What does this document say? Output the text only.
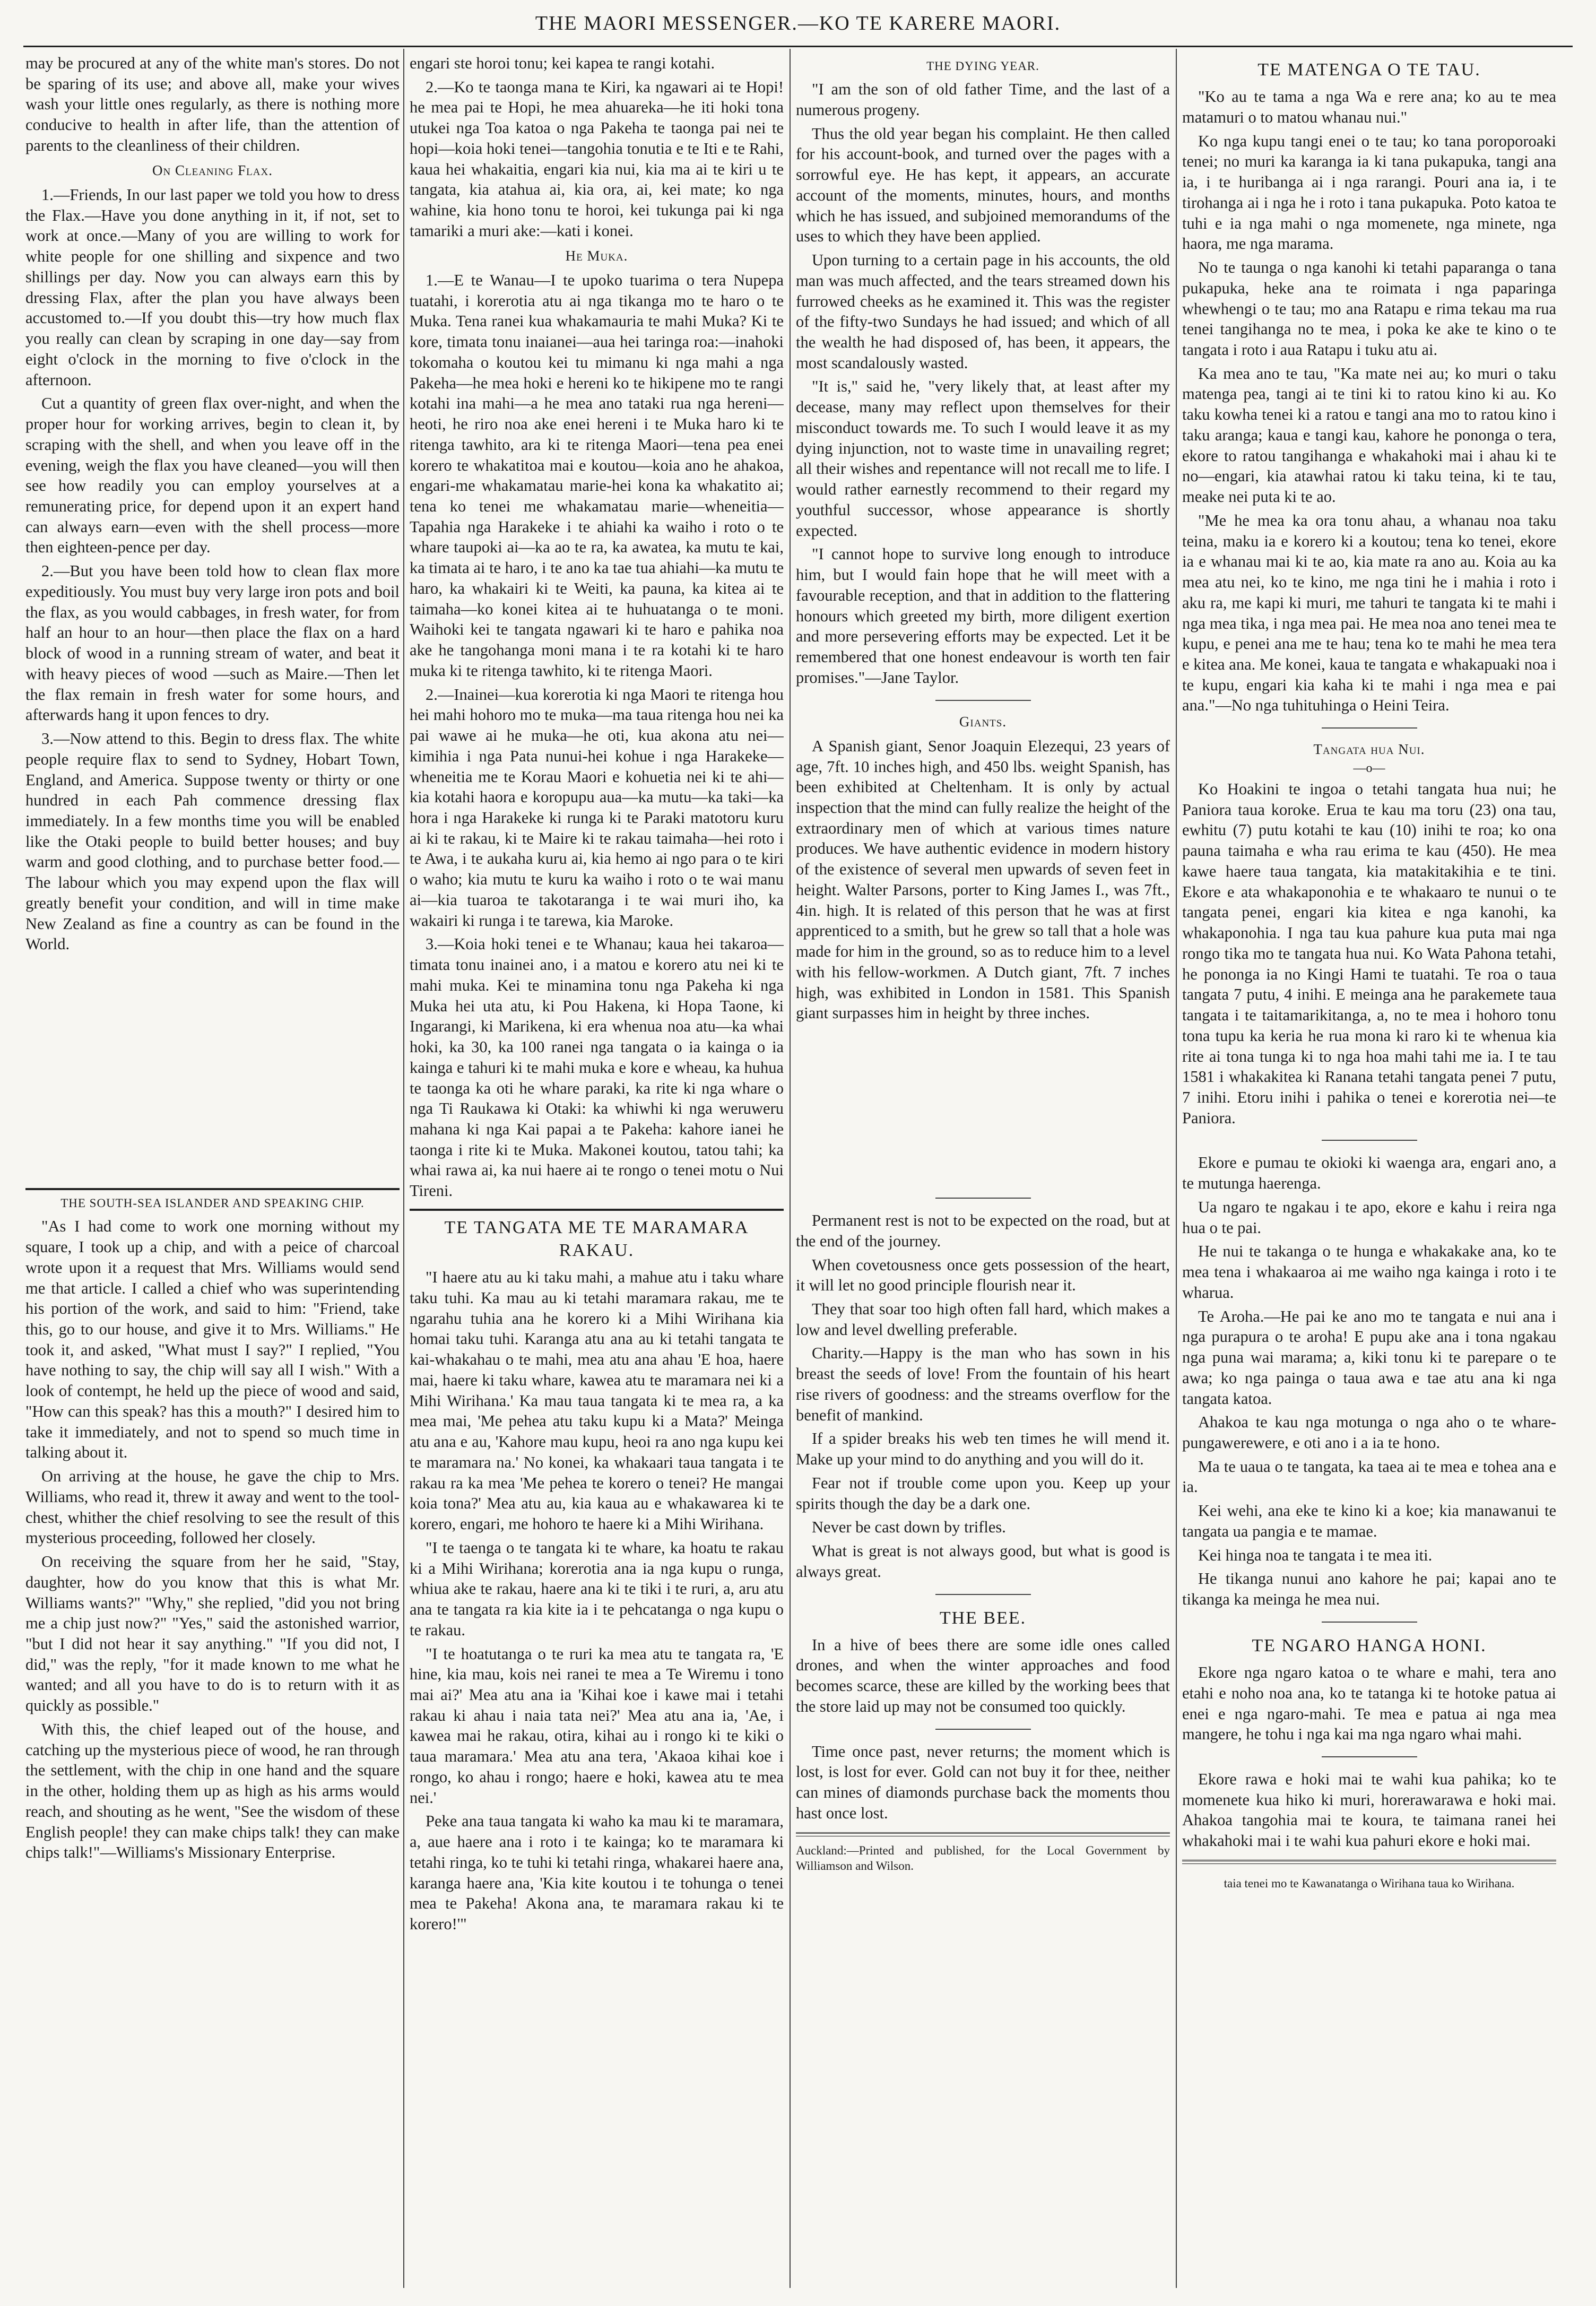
THE MAORI MESSENGER.—KO TE KARERE MAORI.

may be procured at any of the white man's stores. Do not be sparing of its use; and above all, make your wives wash your little ones regularly, as there is nothing more conducive to health in after life, than the attention of parents to the cleanliness of their children.

On Cleaning Flax.

1.—Friends, In our last paper we told you how to dress the Flax.—Have you done anything in it, if not, set to work at once.—Many of you are willing to work for white people for one shilling and sixpence and two shillings per day. Now you can always earn this by dressing Flax, after the plan you have always been accustomed to.—If you doubt this—try how much flax you really can clean by scraping in one day—say from eight o'clock in the morning to five o'clock in the afternoon.

Cut a quantity of green flax over-night, and when the proper hour for working arrives, begin to clean it, by scraping with the shell, and when you leave off in the evening, weigh the flax you have cleaned—you will then see how readily you can employ yourselves at a remunerating price, for depend upon it an expert hand can always earn—even with the shell process—more then eighteen-pence per day.

2.—But you have been told how to clean flax more expeditiously. You must buy very large iron pots and boil the flax, as you would cabbages, in fresh water, for from half an hour to an hour—then place the flax on a hard block of wood in a running stream of water, and beat it with heavy pieces of wood —such as Maire.—Then let the flax remain in fresh water for some hours, and afterwards hang it upon fences to dry.

3.—Now attend to this. Begin to dress flax. The white people require flax to send to Sydney, Hobart Town, England, and America. Suppose twenty or thirty or one hundred in each Pah commence dressing flax immediately. In a few months time you will be enabled like the Otaki people to build better houses; and buy warm and good clothing, and to purchase better food.—The labour which you may expend upon the flax will greatly benefit your condition, and will in time make New Zealand as fine a country as can be found in the World.

THE SOUTH-SEA ISLANDER AND SPEAKING CHIP.

"As I had come to work one morning without my square, I took up a chip, and with a peice of charcoal wrote upon it a request that Mrs. Williams would send me that article. I called a chief who was superintending his portion of the work, and said to him: "Friend, take this, go to our house, and give it to Mrs. Williams." He took it, and asked, "What must I say?" I replied, "You have nothing to say, the chip will say all I wish." With a look of contempt, he held up the piece of wood and said, "How can this speak? has this a mouth?" I desired him to take it immediately, and not to spend so much time in talking about it.

On arriving at the house, he gave the chip to Mrs. Williams, who read it, threw it away and went to the tool-chest, whither the chief resolving to see the result of this mysterious proceeding, followed her closely.

On receiving the square from her he said, "Stay, daughter, how do you know that this is what Mr. Williams wants?" "Why," she replied, "did you not bring me a chip just now?" "Yes," said the astonished warrior, "but I did not hear it say anything." "If you did not, I did," was the reply, "for it made known to me what he wanted; and all you have to do is to return with it as quickly as possible."

With this, the chief leaped out of the house, and catching up the mysterious piece of wood, he ran through the settlement, with the chip in one hand and the square in the other, holding them up as high as his arms would reach, and shouting as he went, "See the wisdom of these English people! they can make chips talk! they can make chips talk!"—Williams's Missionary Enterprise.

engari ste horoi tonu; kei kapea te rangi kotahi.

2.—Ko te taonga mana te Kiri, ka ngawari ai te Hopi! he mea pai te Hopi, he mea ahuareka—he iti hoki tona utukei nga Toa katoa o nga Pakeha te taonga pai nei te hopi—koia hoki tenei—tangohia tonutia e te Iti e te Rahi, kaua hei whakaitia, engari kia nui, kia ma ai te kiri u te tangata, kia atahua ai, kia ora, ai, kei mate; ko nga wahine, kia hono tonu te horoi, kei tukunga pai ki nga tamariki a muri ake:—kati i konei.

He Muka.

1.—E te Wanau—I te upoko tuarima o tera Nupepa tuatahi, i korerotia atu ai nga tikanga mo te haro o te Muka. Tena ranei kua whakamauria te mahi Muka? Ki te kore, timata tonu inaianei—aua hei taringa roa:—inahoki tokomaha o koutou kei tu mimanu ki nga mahi a nga Pakeha—he mea hoki e hereni ko te hikipene mo te rangi kotahi ina mahi—a he mea ano tataki rua nga hereni—heoti, he riro noa ake enei hereni i te Muka haro ki te ritenga tawhito, ara ki te ritenga Maori—tena pea enei korero te whakatitoa mai e koutou—koia ano he ahakoa, engari-me whakamatau marie-hei kona ka whakatito ai; tena ko tenei me whakamatau marie—wheneitia—Tapahia nga Harakeke i te ahiahi ka waiho i roto o te whare taupoki ai—ka ao te ra, ka awatea, ka mutu te kai, ka timata ai te haro, i te ano ka tae tua ahiahi—ka mutu te haro, ka whakairi ki te Weiti, ka pauna, ka kitea ai te taimaha—ko konei kitea ai te huhuatanga o te moni. Waihoki kei te tangata ngawari ki te haro e pahika noa ake he tangohanga moni mana i te ra kotahi ki te haro muka ki te ritenga tawhito, ki te ritenga Maori.

2.—Inainei—kua korerotia ki nga Maori te ritenga hou hei mahi hohoro mo te muka—ma taua ritenga hou nei ka pai wawe ai he muka—he oti, kua akona atu nei—kimihia i nga Pata nunui-hei kohue i nga Harakeke—wheneitia me te Korau Maori e kohuetia nei ki te ahi—kia kotahi haora e koropupu aua—ka mutu—ka taki—ka hora i nga Harakeke ki runga ki te Paraki matotoru kuru ai ki te rakau, ki te Maire ki te rakau taimaha—hei roto i te Awa, i te aukaha kuru ai, kia hemo ai ngo para o te kiri o waho; kia mutu te kuru ka waiho i roto o te wai manu ai—kia tuaroa te takotaranga i te wai muri iho, ka wakairi ki runga i te tarewa, kia Maroke.

3.—Koia hoki tenei e te Whanau; kaua hei takaroa—timata tonu inainei ano, i a matou e korero atu nei ki te mahi muka. Kei te minamina tonu nga Pakeha ki nga Muka hei uta atu, ki Pou Hakena, ki Hopa Taone, ki Ingarangi, ki Marikena, ki era whenua noa atu—ka whai hoki, ka 30, ka 100 ranei nga tangata o ia kainga o ia kainga e tahuri ki te mahi muka e kore e wheau, ka huhua te taonga ka oti he whare paraki, ka rite ki nga whare o nga Ti Raukawa ki Otaki: ka whiwhi ki nga weruweru mahana ki nga Kai papai a te Pakeha: kahore ianei he taonga i rite ki te Muka. Makonei koutou, tatou tahi; ka whai rawa ai, ka nui haere ai te rongo o tenei motu o Nui Tireni.

TE TANGATA ME TE MARAMARA RAKAU.

"I haere atu au ki taku mahi, a mahue atu i taku whare taku tuhi. Ka mau au ki tetahi maramara rakau, me te ngarahu tuhia ana he korero ki a Mihi Wirihana kia homai taku tuhi. Karanga atu ana au ki tetahi tangata te kai-whakahau o te mahi, mea atu ana ahau 'E hoa, haere mai, haere ki taku whare, kawea atu te maramara nei ki a Mihi Wirihana.' Ka mau taua tangata ki te mea ra, a ka mea mai, 'Me pehea atu taku kupu ki a Mata?' Meinga atu ana e au, 'Kahore mau kupu, heoi ra ano nga kupu kei te maramara na.' No konei, ka whakaari taua tangata i te rakau ra ka mea 'Me pehea te korero o tenei? He mangai koia tona?' Mea atu au, kia kaua au e whakawarea ki te korero, engari, me hohoro te haere ki a Mihi Wirihana.

"I te taenga o te tangata ki te whare, ka hoatu te rakau ki a Mihi Wirihana; korerotia ana ia nga kupu o runga, whiua ake te rakau, haere ana ki te tiki i te ruri, a, aru atu ana te tangata ra kia kite ia i te pehcatanga o nga kupu o te rakau.

"I te hoatutanga o te ruri ka mea atu te tangata ra, 'E hine, kia mau, kois nei ranei te mea a Te Wiremu i tono mai ai?' Mea atu ana ia 'Kihai koe i kawe mai i tetahi rakau ki ahau i naia tata nei?' Mea atu ana ia, 'Ae, i kawea mai he rakau, otira, kihai au i rongo ki te kiki o taua maramara.' Mea atu ana tera, 'Akaoa kihai koe i rongo, ko ahau i rongo; haere e hoki, kawea atu te mea nei.'

Peke ana taua tangata ki waho ka mau ki te maramara, a, aue haere ana i roto i te kainga; ko te maramara ki tetahi ringa, ko te tuhi ki tetahi ringa, whakarei haere ana, karanga haere ana, 'Kia kite koutou i te tohunga o tenei mea te Pakeha! Akona ana, te maramara rakau ki te korero!'"

THE DYING YEAR.

"I am the son of old father Time, and the last of a numerous progeny.

Thus the old year began his complaint. He then called for his account-book, and turned over the pages with a sorrowful eye. He has kept, it appears, an accurate account of the moments, minutes, hours, and months which he has issued, and subjoined memorandums of the uses to which they have been applied.

Upon turning to a certain page in his accounts, the old man was much affected, and the tears streamed down his furrowed cheeks as he examined it. This was the register of the fifty-two Sundays he had issued; and which of all the wealth he had disposed of, has been, it appears, the most scandalously wasted.

"It is," said he, "very likely that, at least after my decease, many may reflect upon themselves for their misconduct towards me. To such I would leave it as my dying injunction, not to waste time in unavailing regret; all their wishes and repentance will not recall me to life. I would rather earnestly recommend to their regard my youthful successor, whose appearance is shortly expected.

"I cannot hope to survive long enough to introduce him, but I would fain hope that he will meet with a favourable reception, and that in addition to the flattering honours which greeted my birth, more diligent exertion and more persevering efforts may be expected. Let it be remembered that one honest endeavour is worth ten fair promises."—Jane Taylor.

Giants.

A Spanish giant, Senor Joaquin Elezequi, 23 years of age, 7ft. 10 inches high, and 450 lbs. weight Spanish, has been exhibited at Cheltenham. It is only by actual inspection that the mind can fully realize the height of the extraordinary men of which at various times nature produces. We have authentic evidence in modern history of the existence of several men upwards of seven feet in height. Walter Parsons, porter to King James I., was 7ft., 4in. high. It is related of this person that he was at first apprenticed to a smith, but he grew so tall that a hole was made for him in the ground, so as to reduce him to a level with his fellow-workmen. A Dutch giant, 7ft. 7 inches high, was exhibited in London in 1581. This Spanish giant surpasses him in height by three inches.

Permanent rest is not to be expected on the road, but at the end of the journey.

When covetousness once gets possession of the heart, it will let no good principle flourish near it.

They that soar too high often fall hard, which makes a low and level dwelling preferable.

Charity.—Happy is the man who has sown in his breast the seeds of love! From the fountain of his heart rise rivers of goodness: and the streams overflow for the benefit of mankind.

If a spider breaks his web ten times he will mend it. Make up your mind to do anything and you will do it.

Fear not if trouble come upon you. Keep up your spirits though the day be a dark one.

Never be cast down by trifles.

What is great is not always good, but what is good is always great.

THE BEE.

In a hive of bees there are some idle ones called drones, and when the winter approaches and food becomes scarce, these are killed by the working bees that the store laid up may not be consumed too quickly.

Time once past, never returns; the moment which is lost, is lost for ever. Gold can not buy it for thee, neither can mines of diamonds purchase back the moments thou hast once lost.

Auckland:—Printed and published, for the Local Government by Williamson and Wilson.
TE MATENGA O TE TAU.

"Ko au te tama a nga Wa e rere ana; ko au te mea matamuri o to matou whanau nui."

Ko nga kupu tangi enei o te tau; ko tana poroporoaki tenei; no muri ka karanga ia ki tana pukapuka, tangi ana ia, i te huribanga ai i nga rarangi. Pouri ana ia, i te tirohanga ai i nga he i roto i tana pukapuka. Poto katoa te tuhi e ia nga mahi o nga momenete, nga minete, nga haora, me nga marama.

No te taunga o nga kanohi ki tetahi paparanga o tana pukapuka, heke ana te roimata i nga paparinga whewhengi o te tau; mo ana Ratapu e rima tekau ma rua tenei tangihanga no te mea, i poka ke ake te kino o te tangata i roto i aua Ratapu i tuku atu ai.

Ka mea ano te tau, "Ka mate nei au; ko muri o taku matenga pea, tangi ai te tini ki to ratou kino ki au. Ko taku kowha tenei ki a ratou e tangi ana mo to ratou kino i taku aranga; kaua e tangi kau, kahore he pononga o tera, ekore to ratou tangihanga e whakahoki mai i ahau ki te no—engari, kia atawhai ratou ki taku teina, ki te tau, meake nei puta ki te ao.

"Me he mea ka ora tonu ahau, a whanau noa taku teina, maku ia e korero ki a koutou; tena ko tenei, ekore ia e whanau mai ki te ao, kia mate ra ano au. Koia au ka mea atu nei, ko te kino, me nga tini he i mahia i roto i aku ra, me kapi ki muri, me tahuri te tangata ki te mahi i nga mea tika, i nga mea pai. He mea noa ano tenei mea te kupu, e penei ana me te hau; tena ko te mahi he mea tera e kitea ana. Me konei, kaua te tangata e whakapuaki noa i te kupu, engari kia kaha ki te mahi i nga mea e pai ana."—No nga tuhituhinga o Heini Teira.

Tangata hua Nui.
—o—

Ko Hoakini te ingoa o tetahi tangata hua nui; he Paniora taua koroke. Erua te kau ma toru (23) ona tau, ewhitu (7) putu kotahi te kau (10) inihi te roa; ko ona pauna taimaha e wha rau erima te kau (450). He mea kawe haere taua tangata, kia matakitakihia e te tini. Ekore e ata whakaponohia e te whakaaro te nunui o te tangata penei, engari kia kitea e nga kanohi, ka whakaponohia. I nga tau kua pahure kua puta mai nga rongo tika mo te tangata hua nui. Ko Wata Pahona tetahi, he pononga ia no Kingi Hami te tuatahi. Te roa o taua tangata 7 putu, 4 inihi. E meinga ana he parakemete taua tangata i te taitamarikitanga, a, no te mea i hohoro tonu tona tupu ka keria he rua mona ki raro ki te whenua kia rite ai tona tunga ki to nga hoa mahi tahi me ia. I te tau 1581 i whakakitea ki Ranana tetahi tangata penei 7 putu, 7 inihi. Etoru inihi i pahika o tenei e korerotia nei—te Paniora.

Ekore e pumau te okioki ki waenga ara, engari ano, a te mutunga haerenga.

Ua ngaro te ngakau i te apo, ekore e kahu i reira nga hua o te pai.

He nui te takanga o te hunga e whakakake ana, ko te mea tena i whakaaroa ai me waiho nga kainga i roto i te wharua.

Te Aroha.—He pai ke ano mo te tangata e nui ana i nga purapura o te aroha! E pupu ake ana i tona ngakau nga puna wai marama; a, kiki tonu ki te parepare o te awa; ko nga painga o taua awa e tae atu ana ki nga tangata katoa.

Ahakoa te kau nga motunga o nga aho o te whare-pungawerewere, e oti ano i a ia te hono.

Ma te uaua o te tangata, ka taea ai te mea e tohea ana e ia.

Kei wehi, ana eke te kino ki a koe; kia manawanui te tangata ua pangia e te mamae.

Kei hinga noa te tangata i te mea iti.

He tikanga nunui ano kahore he pai; kapai ano te tikanga ka meinga he mea nui.

TE NGARO HANGA HONI.

Ekore nga ngaro katoa o te whare e mahi, tera ano etahi e noho noa ana, ko te tatanga ki te hotoke patua ai enei e nga ngaro-mahi. Te mea e patua ai nga mea mangere, he tohu i nga kai ma nga ngaro whai mahi.

Ekore rawa e hoki mai te wahi kua pahika; ko te momenete kua hiko ki muri, horerawarawa e hoki mai. Ahakoa tangohia mai te koura, te taimana ranei hei whakahoki mai i te wahi kua pahuri ekore e hoki mai.

taia tenei mo te Kawanatanga o Wirihana taua ko Wirihana.
